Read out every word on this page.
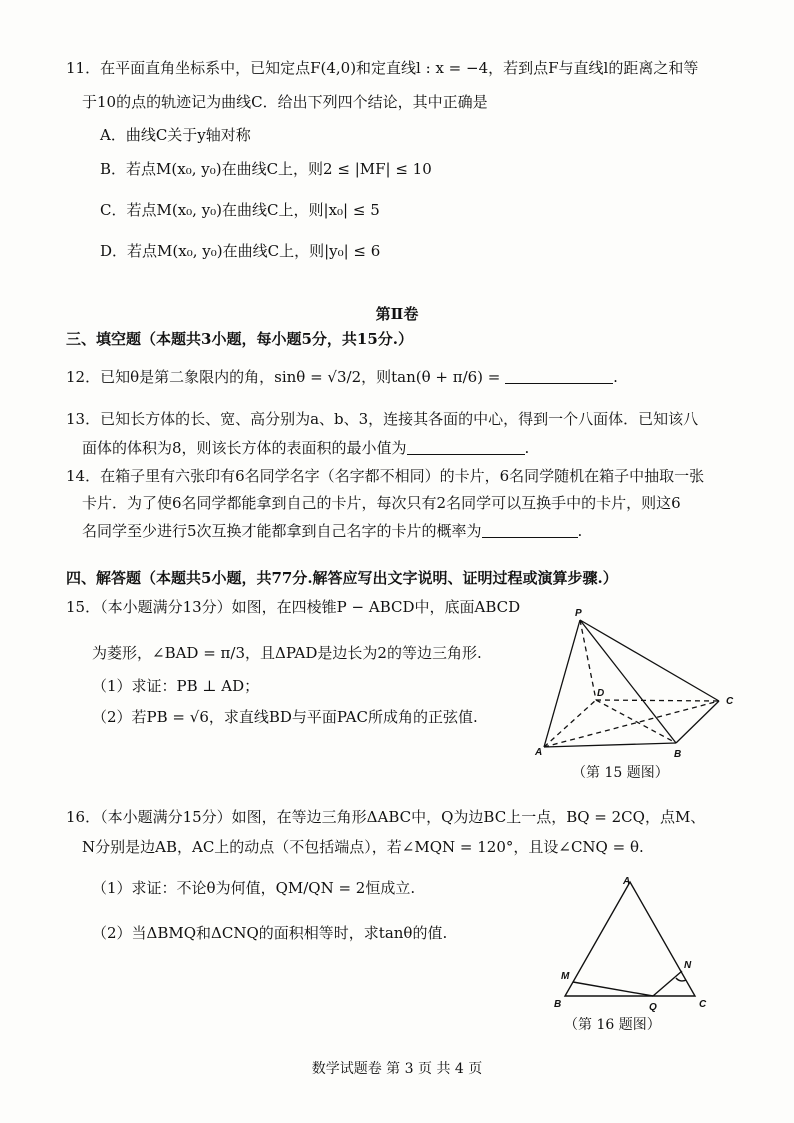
11．在平面直角坐标系中，已知定点F(4,0)和定直线l : x = −4，若到点F与直线l的距离之和等
于10的点的轨迹记为曲线C．给出下列四个结论，其中正确是
A．曲线C关于y轴对称
B．若点M(x₀, y₀)在曲线C上，则2 ≤ |MF| ≤ 10
C．若点M(x₀, y₀)在曲线C上，则|x₀| ≤ 5
D．若点M(x₀, y₀)在曲线C上，则|y₀| ≤ 6
第Ⅱ卷
三、填空题（本题共3小题，每小题5分，共15分.）
12．已知θ是第二象限内的角，sinθ = √3/2，则tan(θ + π/6) =	.
13．已知长方体的长、宽、高分别为a、b、3，连接其各面的中心，得到一个八面体．已知该八
面体的体积为8，则该长方体的表面积的最小值为	.
14．在箱子里有六张印有6名同学名字（名字都不相同）的卡片，6名同学随机在箱子中抽取一张
卡片．为了使6名同学都能拿到自己的卡片，每次只有2名同学可以互换手中的卡片，则这6
名同学至少进行5次互换才能都拿到自己名字的卡片的概率为	.
四、解答题（本题共5小题，共77分.解答应写出文字说明、证明过程或演算步骤.）
15．（本小题满分13分）如图，在四棱锥P − ABCD中，底面ABCD
为菱形，∠BAD = π/3，且ΔPAD是边长为2的等边三角形.
（1）求证：PB ⊥ AD；
（2）若PB = √6，求直线BD与平面PAC所成角的正弦值.
P
A	B
C
D
（第 15 题图）
16．（本小题满分15分）如图，在等边三角形ΔABC中，Q为边BC上一点，BQ = 2CQ，点M、
N分别是边AB，AC上的动点（不包括端点），若∠MQN = 120°，且设∠CNQ = θ.
（1）求证：不论θ为何值，QM/QN = 2恒成立.
（2）当ΔBMQ和ΔCNQ的面积相等时，求tanθ的值.
A
B	C
M
N
Q
（第 16 题图）
数学试题卷 第 3 页 共 4 页
